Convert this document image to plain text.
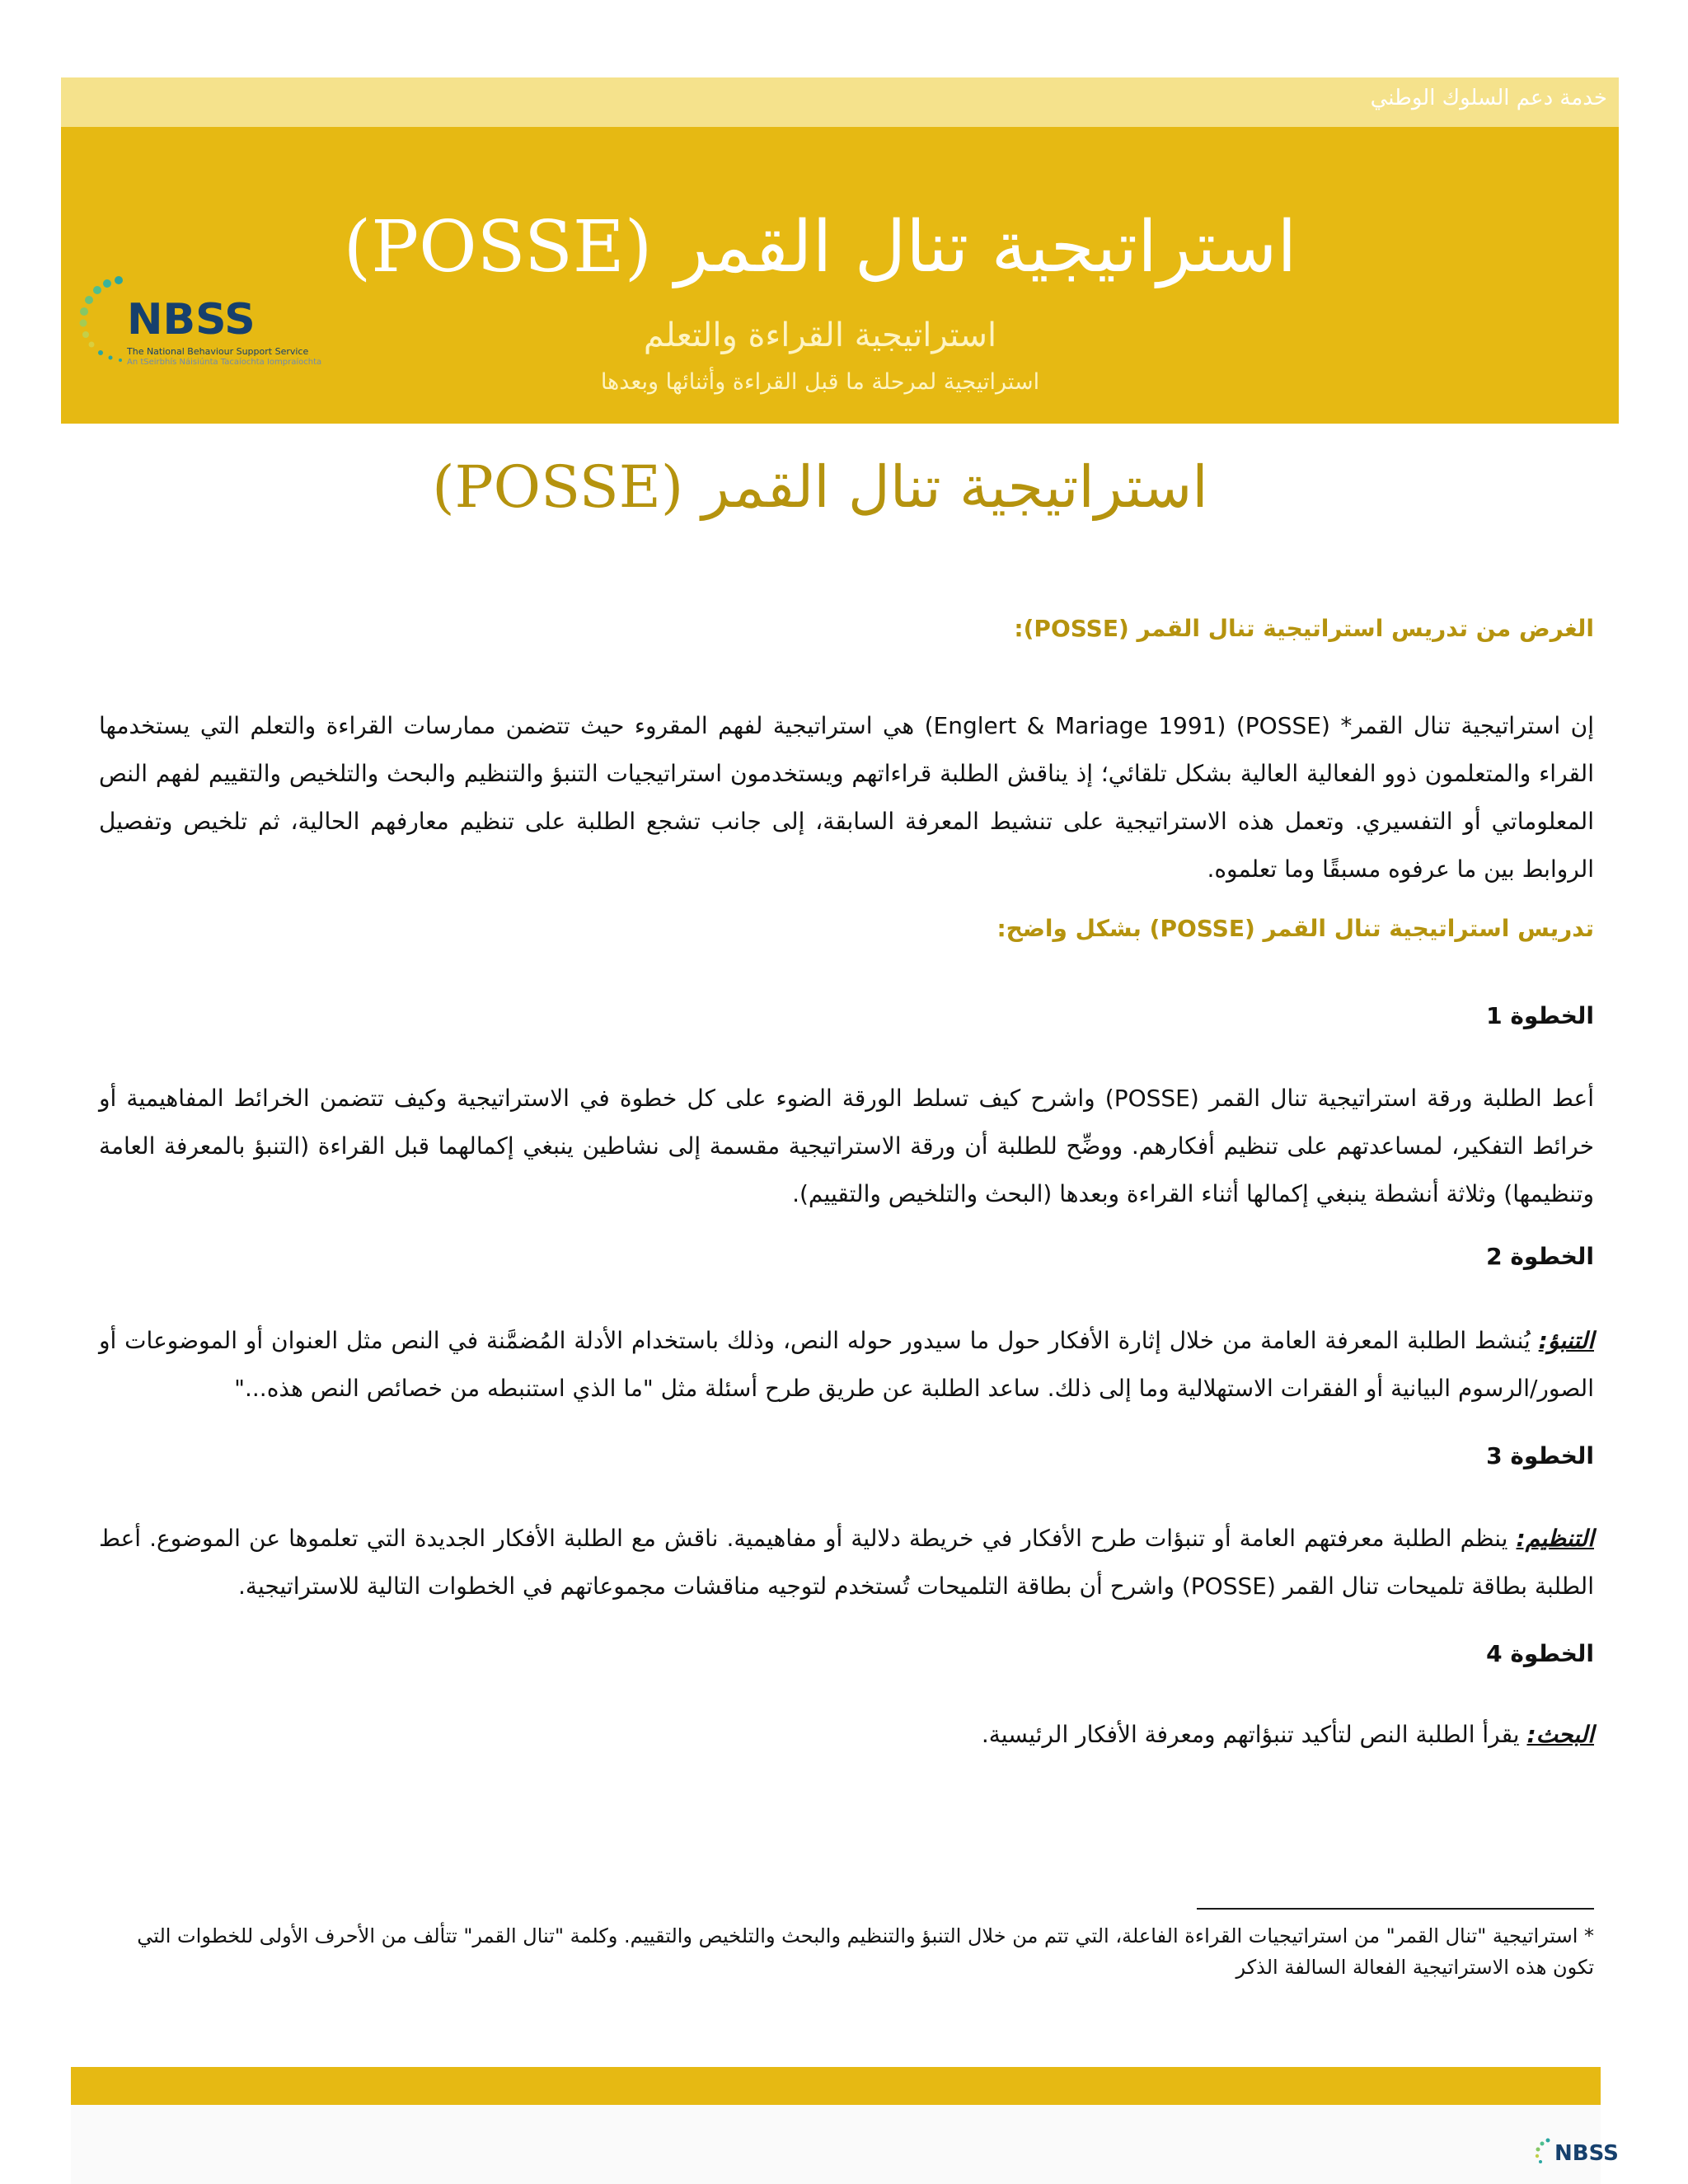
خدمة دعم السلوك الوطني
استراتيجية تنال القمر (POSSE)
استراتيجية القراءة والتعلم
استراتيجية لمرحلة ما قبل القراءة وأثنائها وبعدها
NBSS
The National Behaviour Support Service
An tSeirbhís Náisiúnta Tacaíochta Iompraíochta
استراتيجية تنال القمر (POSSE)
الغرض من تدريس استراتيجية تنال القمر (POSSE):
إن استراتيجية تنال القمر* (POSSE) (Englert & Mariage 1991) هي استراتيجية لفهم المقروء حيث تتضمن ممارسات القراءة والتعلم التي يستخدمها القراء والمتعلمون ذوو الفعالية العالية بشكل تلقائي؛ إذ يناقش الطلبة قراءاتهم ويستخدمون استراتيجيات التنبؤ والتنظيم والبحث والتلخيص والتقييم لفهم النص المعلوماتي أو التفسيري. وتعمل هذه الاستراتيجية على تنشيط المعرفة السابقة، إلى جانب تشجع الطلبة على تنظيم معارفهم الحالية، ثم تلخيص وتفصيل الروابط بين ما عرفوه مسبقًا وما تعلموه.
تدريس استراتيجية تنال القمر (POSSE) بشكل واضح:
الخطوة 1
أعط الطلبة ورقة استراتيجية تنال القمر (POSSE) واشرح كيف تسلط الورقة الضوء على كل خطوة في الاستراتيجية وكيف تتضمن الخرائط المفاهيمية أو خرائط التفكير، لمساعدتهم على تنظيم أفكارهم. ووضِّح للطلبة أن ورقة الاستراتيجية مقسمة إلى نشاطين ينبغي إكمالهما قبل القراءة (التنبؤ بالمعرفة العامة وتنظيمها) وثلاثة أنشطة ينبغي إكمالها أثناء القراءة وبعدها (البحث والتلخيص والتقييم).
الخطوة 2
التنبؤ: يُنشط الطلبة المعرفة العامة من خلال إثارة الأفكار حول ما سيدور حوله النص، وذلك باستخدام الأدلة المُضمَّنة في النص مثل العنوان أو الموضوعات أو الصور/الرسوم البيانية أو الفقرات الاستهلالية وما إلى ذلك. ساعد الطلبة عن طريق طرح أسئلة مثل "ما الذي استنبطه من خصائص النص هذه..."
الخطوة 3
التنظيم: ينظم الطلبة معرفتهم العامة أو تنبؤات طرح الأفكار في خريطة دلالية أو مفاهيمية. ناقش مع الطلبة الأفكار الجديدة التي تعلموها عن الموضوع. أعط الطلبة بطاقة تلميحات تنال القمر (POSSE) واشرح أن بطاقة التلميحات تُستخدم لتوجيه مناقشات مجموعاتهم في الخطوات التالية للاستراتيجية.
الخطوة 4
البحث: يقرأ الطلبة النص لتأكيد تنبؤاتهم ومعرفة الأفكار الرئيسية.
* استراتيجية "تنال القمر" من استراتيجيات القراءة الفاعلة، التي تتم من خلال التنبؤ والتنظيم والبحث والتلخيص والتقييم. وكلمة "تنال القمر" تتألف من الأحرف الأولى للخطوات التي تكون هذه الاستراتيجية الفعالة السالفة الذكر
NBSS
